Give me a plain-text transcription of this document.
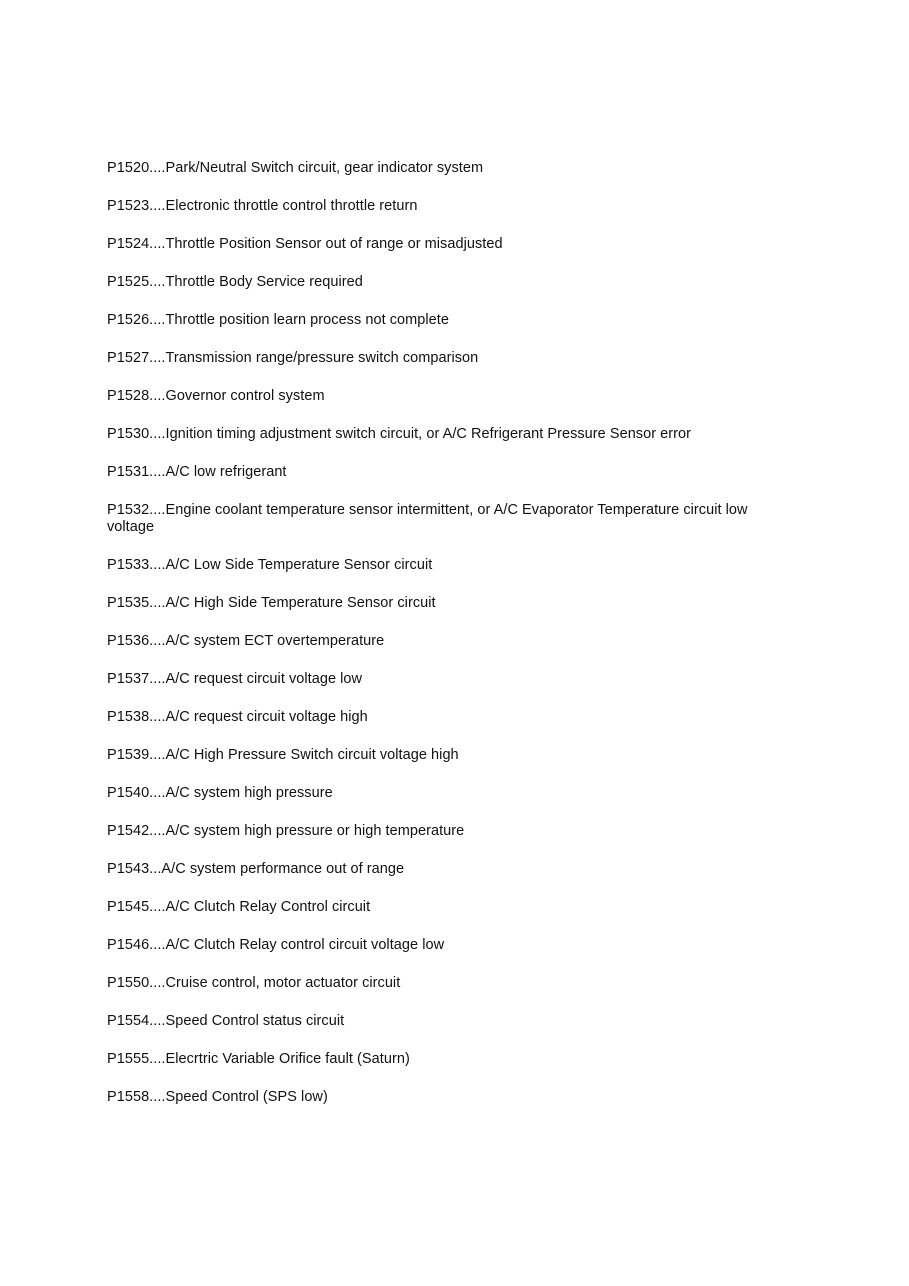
P1520....Park/Neutral Switch circuit, gear indicator system
P1523....Electronic throttle control throttle return
P1524....Throttle Position Sensor out of range or misadjusted
P1525....Throttle Body Service required
P1526....Throttle position learn process not complete
P1527....Transmission range/pressure switch comparison
P1528....Governor control system
P1530....Ignition timing adjustment switch circuit, or A/C Refrigerant Pressure Sensor error
P1531....A/C low refrigerant
P1532....Engine coolant temperature sensor intermittent, or A/C Evaporator Temperature circuit low voltage
P1533....A/C Low Side Temperature Sensor circuit
P1535....A/C High Side Temperature Sensor circuit
P1536....A/C system ECT overtemperature
P1537....A/C request circuit voltage low
P1538....A/C request circuit voltage high
P1539....A/C High Pressure Switch circuit voltage high
P1540....A/C system high pressure
P1542....A/C system high pressure or high temperature
P1543...A/C system performance out of range
P1545....A/C Clutch Relay Control circuit
P1546....A/C Clutch Relay control circuit voltage low
P1550....Cruise control, motor actuator circuit
P1554....Speed Control status circuit
P1555....Elecrtric Variable Orifice fault (Saturn)
P1558....Speed Control (SPS low)
